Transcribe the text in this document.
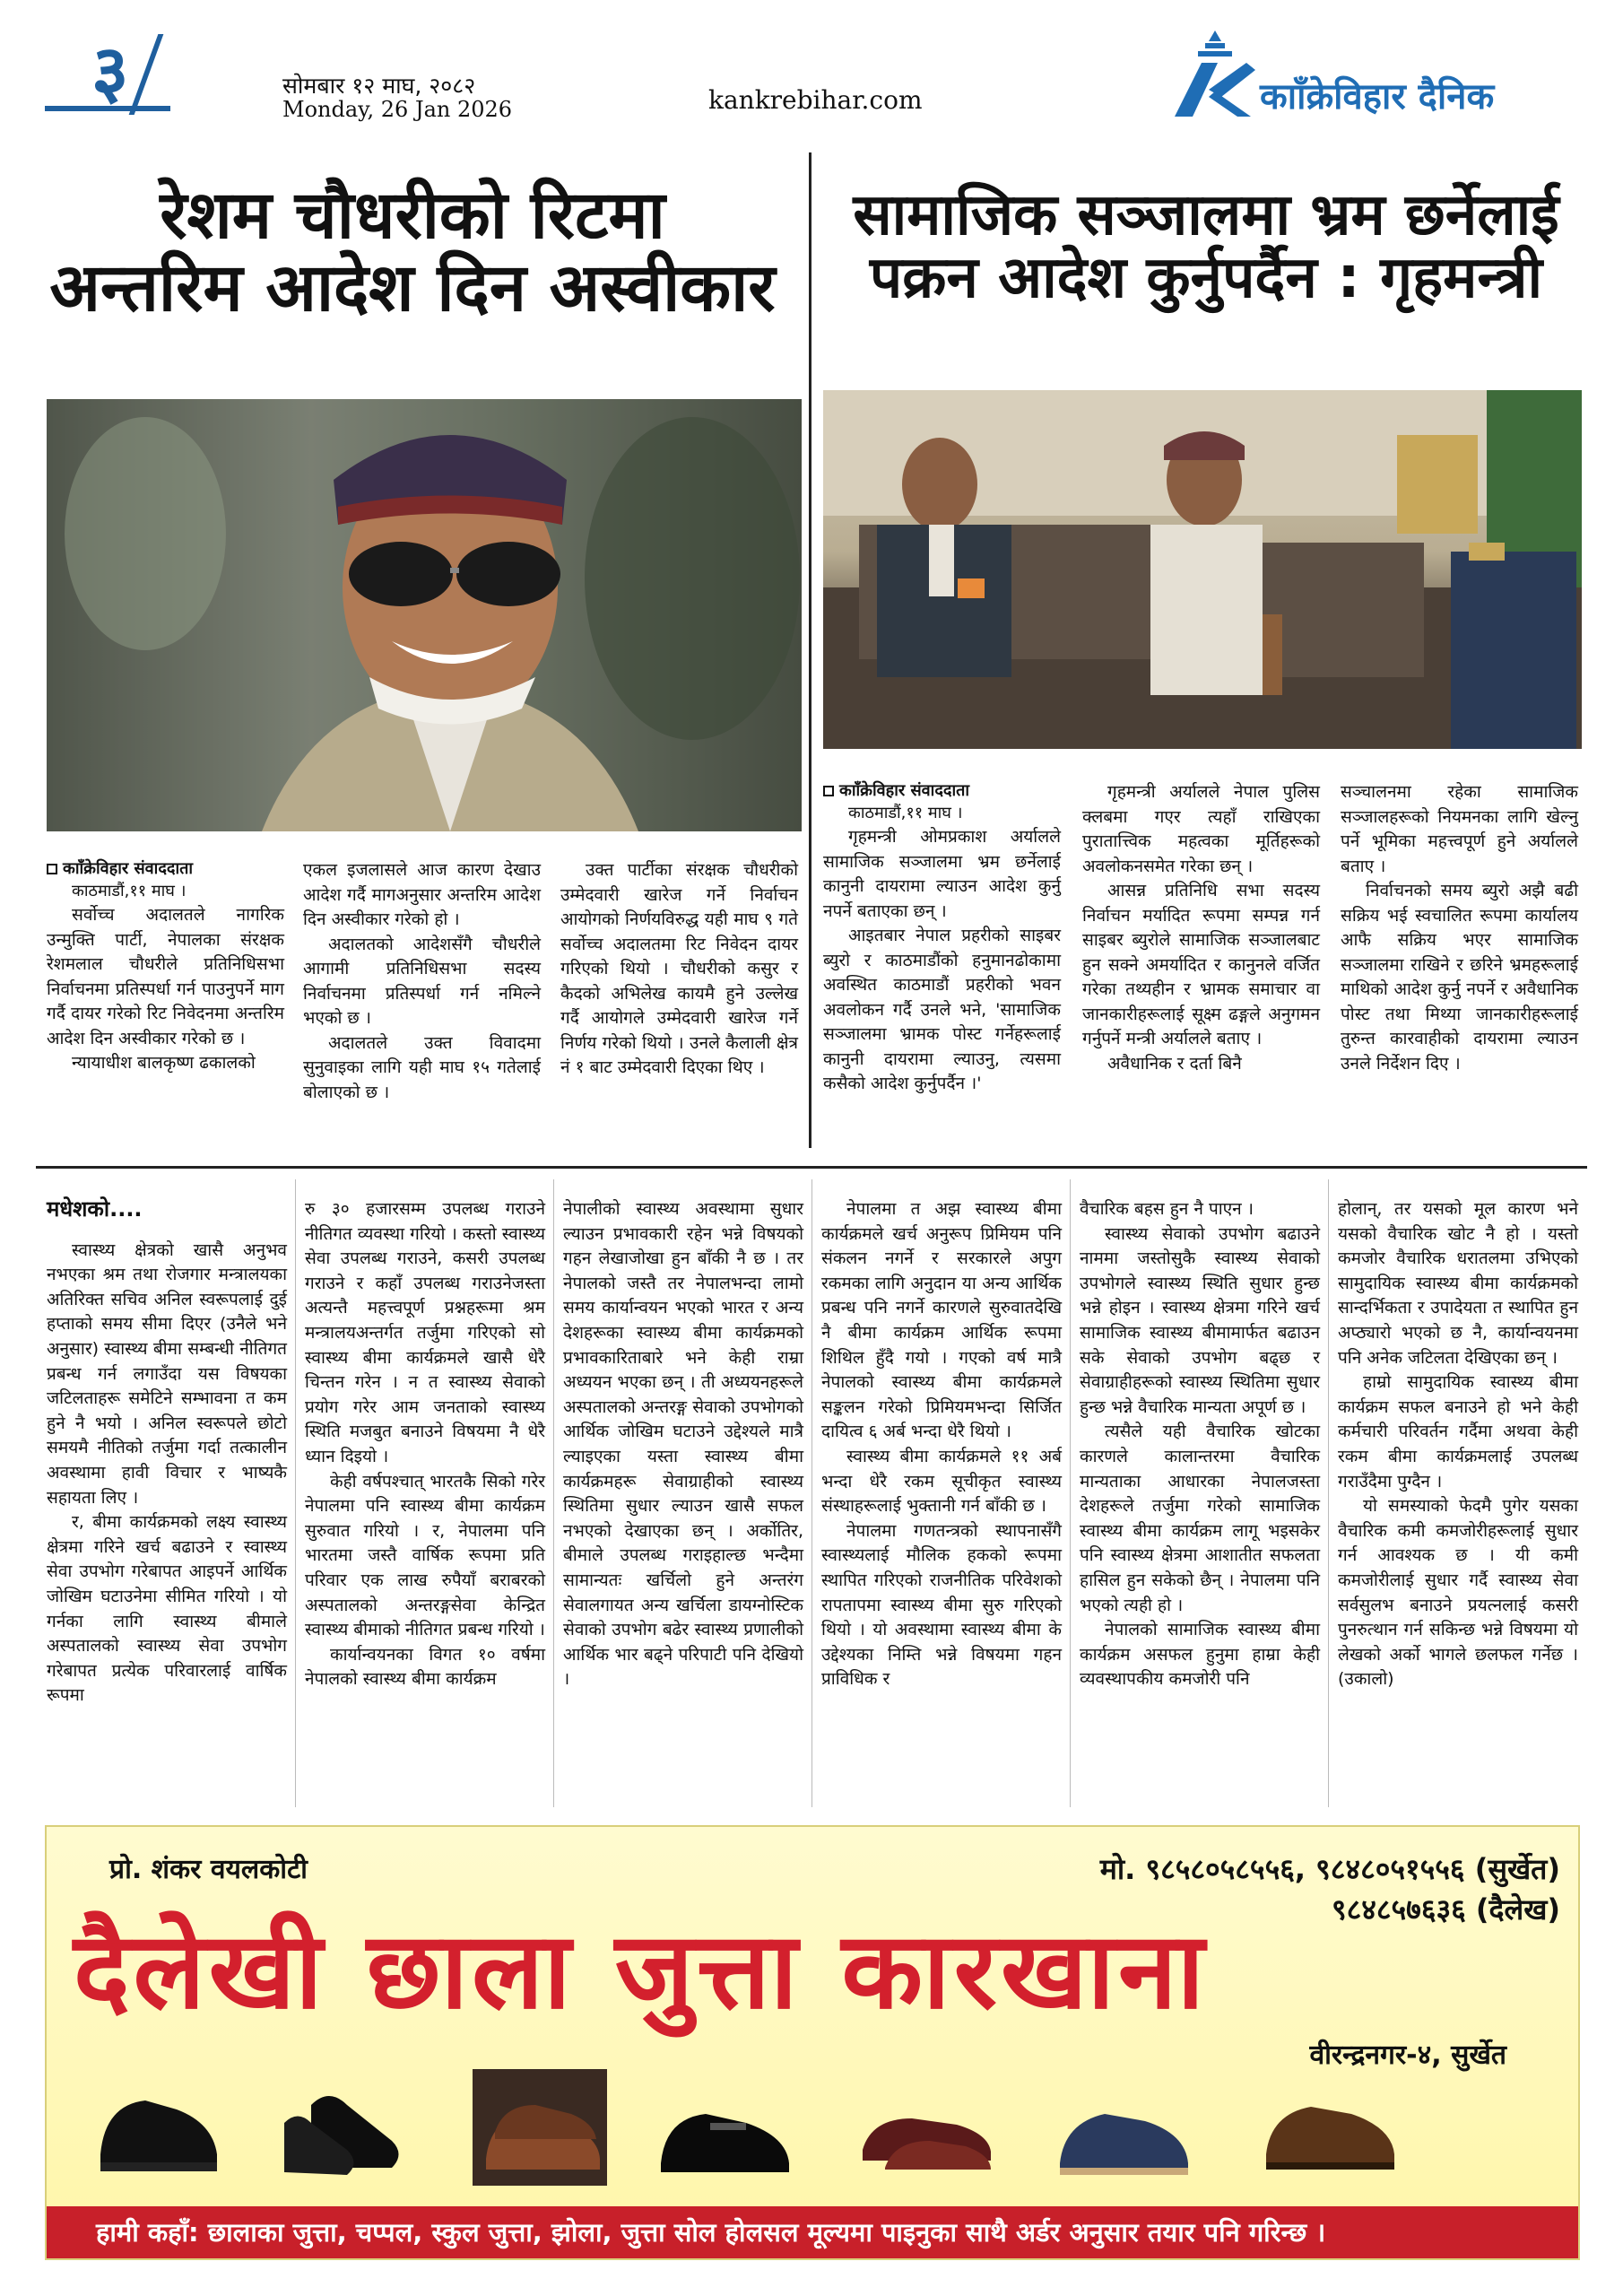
३	सोमबार १२ माघ, २०८२
Monday, 26 Jan 2026	kankrebihar.com	कााँक्रेविहार दैनिक
रेशम चौधरीको रिटमा
अन्तरिम आदेश दिन अस्वीकार
सामाजिक सञ्जालमा भ्रम छर्नेलाई
पक्रन आदेश कुर्नुपर्दैन : गृहमन्त्री
कााँक्रेविहार संवाददाता
काठमाडौं,११ माघ ।

सर्वोच्च अदालतले नागरिक उन्मुक्ति पार्टी, नेपालका संरक्षक रेशमलाल चौधरीले प्रतिनिधिसभा निर्वाचनमा प्रतिस्पर्धा गर्न पाउनुपर्ने माग गर्दै दायर गरेको रिट निवेदनमा अन्तरिम आदेश दिन अस्वीकार गरेको छ ।

न्यायाधीश बालकृष्ण ढकालको

एकल इजलासले आज कारण देखाउ आदेश गर्दै मागअनुसार अन्तरिम आदेश दिन अस्वीकार गरेको हो ।

अदालतको आदेशसँगै चौधरीले आगामी प्रतिनिधिसभा सदस्य निर्वाचनमा प्रतिस्पर्धा गर्न नमिल्ने भएको छ ।

अदालतले उक्त विवादमा सुनुवाइका लागि यही माघ १५ गतेलाई बोलाएको छ ।

उक्त पार्टीका संरक्षक चौधरीको उम्मेदवारी खारेज गर्ने निर्वाचन आयोगको निर्णयविरुद्ध यही माघ ९ गते सर्वोच्च अदालतमा रिट निवेदन दायर गरिएको थियो । चौधरीको कसुर र कैदको अभिलेख कायमै हुने उल्लेख गर्दै आयोगले उम्मेदवारी खारेज गर्ने निर्णय गरेको थियो । उनले कैलाली क्षेत्र नं १ बाट उम्मेदवारी दिएका थिए ।

कााँक्रेविहार संवाददाता
काठमाडौं,११ माघ ।

गृहमन्त्री ओमप्रकाश अर्यालले सामाजिक सञ्जालमा भ्रम छर्नेलाई कानुनी दायरामा ल्याउन आदेश कुर्नु नपर्ने बताएका छन् ।

आइतबार नेपाल प्रहरीको साइबर ब्युरो र काठमाडौंको हनुमानढोकामा अवस्थित काठमाडौं प्रहरीको भवन अवलोकन गर्दै उनले भने, 'सामाजिक सञ्जालमा भ्रामक पोस्ट गर्नेहरूलाई कानुनी दायरामा ल्याउनु, त्यसमा कसैको आदेश कुर्नुपर्दैन ।'

गृहमन्त्री अर्यालले नेपाल पुलिस क्लबमा गएर त्यहाँ राखिएका पुरातात्त्विक महत्वका मूर्तिहरूको अवलोकनसमेत गरेका छन् ।

आसन्न प्रतिनिधि सभा सदस्य निर्वाचन मर्यादित रूपमा सम्पन्न गर्न साइबर ब्युरोले सामाजिक सञ्जालबाट हुन सक्ने अमर्यादित र कानुनले वर्जित गरेका तथ्यहीन र भ्रामक समाचार वा जानकारीहरूलाई सूक्ष्म ढङ्गले अनुगमन गर्नुपर्ने मन्त्री अर्यालले बताए ।

अवैधानिक र दर्ता बिनै

सञ्चालनमा रहेका सामाजिक सञ्जालहरूको नियमनका लागि खेल्नु पर्ने भूमिका महत्त्वपूर्ण हुने अर्यालले बताए ।

निर्वाचनको समय ब्युरो अझै बढी सक्रिय भई स्वचालित रूपमा कार्यालय आफै सक्रिय भएर सामाजिक सञ्जालमा राखिने र छरिने भ्रमहरूलाई माथिको आदेश कुर्नु नपर्ने र अवैधानिक पोस्ट तथा मिथ्या जानकारीहरूलाई तुरुन्त कारवाहीको दायरामा ल्याउन उनले निर्देशन दिए ।

मधेशको....

स्वास्थ्य क्षेत्रको खासै अनुभव नभएका श्रम तथा रोजगार मन्त्रालयका अतिरिक्त सचिव अनिल स्वरूपलाई दुई हप्ताको समय सीमा दिएर (उनैले भने अनुसार) स्वास्थ्य बीमा सम्बन्धी नीतिगत प्रबन्ध गर्न लगाउँदा यस विषयका जटिलताहरू समेटिने सम्भावना त कम हुने नै भयो । अनिल स्वरूपले छोटो समयमै नीतिको तर्जुमा गर्दा तत्कालीन अवस्थामा हावी विचार र भाष्यकै सहायता लिए ।

र, बीमा कार्यक्रमको लक्ष्य स्वास्थ्य क्षेत्रमा गरिने खर्च बढाउने र स्वास्थ्य सेवा उपभोग गरेबापत आइपर्ने आर्थिक जोखिम घटाउनेमा सीमित गरियो । यो गर्नका लागि स्वास्थ्य बीमाले अस्पतालको स्वास्थ्य सेवा उपभोग गरेबापत प्रत्येक परिवारलाई वार्षिक रूपमा

रु ३० हजारसम्म उपलब्ध गराउने नीतिगत व्यवस्था गरियो । कस्तो स्वास्थ्य सेवा उपलब्ध गराउने, कसरी उपलब्ध गराउने र कहाँ उपलब्ध गराउनेजस्ता अत्यन्तै महत्त्वपूर्ण प्रश्नहरूमा श्रम मन्त्रालयअन्तर्गत तर्जुमा गरिएको सो स्वास्थ्य बीमा कार्यक्रमले खासै धेरै चिन्तन गरेन । न त स्वास्थ्य सेवाको प्रयोग गरेर आम जनताको स्वास्थ्य स्थिति मजबुत बनाउने विषयमा नै धेरै ध्यान दिइयो ।

केही वर्षपश्चात् भारतकै सिको गरेर नेपालमा पनि स्वास्थ्य बीमा कार्यक्रम सुरुवात गरियो । र, नेपालमा पनि भारतमा जस्तै वार्षिक रूपमा प्रति परिवार एक लाख रुपैयाँ बराबरको अस्पतालको अन्तरङ्गसेवा केन्द्रित स्वास्थ्य बीमाको नीतिगत प्रबन्ध गरियो ।

कार्यान्वयनका विगत १० वर्षमा नेपालको स्वास्थ्य बीमा कार्यक्रम

नेपालीको स्वास्थ्य अवस्थामा सुधार ल्याउन प्रभावकारी रहेन भन्ने विषयको गहन लेखाजोखा हुन बाँकी नै छ । तर नेपालको जस्तै तर नेपालभन्दा लामो समय कार्यान्वयन भएको भारत र अन्य देशहरूका स्वास्थ्य बीमा कार्यक्रमको प्रभावकारिताबारे भने केही राम्रा अध्ययन भएका छन् । ती अध्ययनहरूले अस्पतालको अन्तरङ्ग सेवाको उपभोगको आर्थिक जोखिम घटाउने उद्देश्यले मात्रै ल्याइएका यस्ता स्वास्थ्य बीमा कार्यक्रमहरू सेवाग्राहीको स्वास्थ्य स्थितिमा सुधार ल्याउन खासै सफल नभएको देखाएका छन् । अर्कोतिर, बीमाले उपलब्ध गराइहाल्छ भन्दैमा सामान्यतः खर्चिलो हुने अन्तरंग सेवालगायत अन्य खर्चिला डायग्नोस्टिक सेवाको उपभोग बढेर स्वास्थ्य प्रणालीको आर्थिक भार बढ्ने परिपाटी पनि देखियो ।

नेपालमा त अझ स्वास्थ्य बीमा कार्यक्रमले खर्च अनुरूप प्रिमियम पनि संकलन नगर्ने र सरकारले अपुग रकमका लागि अनुदान या अन्य आर्थिक प्रबन्ध पनि नगर्ने कारणले सुरुवातदेखि नै बीमा कार्यक्रम आर्थिक रूपमा शिथिल हुँदै गयो । गएको वर्ष मात्रै नेपालको स्वास्थ्य बीमा कार्यक्रमले सङ्कलन गरेको प्रिमियमभन्दा सिर्जित दायित्व ६ अर्ब भन्दा धेरै थियो ।

स्वास्थ्य बीमा कार्यक्रमले ११ अर्ब भन्दा धेरै रकम सूचीकृत स्वास्थ्य संस्थाहरूलाई भुक्तानी गर्न बाँकी छ ।

नेपालमा गणतन्त्रको स्थापनासँगै स्वास्थ्यलाई मौलिक हकको रूपमा स्थापित गरिएको राजनीतिक परिवेशको रापतापमा स्वास्थ्य बीमा सुरु गरिएको थियो । यो अवस्थामा स्वास्थ्य बीमा के उद्देश्यका निम्ति भन्ने विषयमा गहन प्राविधिक र

वैचारिक बहस हुन नै पाएन ।

स्वास्थ्य सेवाको उपभोग बढाउने नाममा जस्तोसुकै स्वास्थ्य सेवाको उपभोगले स्वास्थ्य स्थिति सुधार हुन्छ भन्ने होइन । स्वास्थ्य क्षेत्रमा गरिने खर्च सामाजिक स्वास्थ्य बीमामार्फत बढाउन सके सेवाको उपभोग बढ्छ र सेवाग्राहीहरूको स्वास्थ्य स्थितिमा सुधार हुन्छ भन्ने वैचारिक मान्यता अपूर्ण छ ।

त्यसैले यही वैचारिक खोटका कारणले कालान्तरमा वैचारिक मान्यताका आधारका नेपालजस्ता देशहरूले तर्जुमा गरेको सामाजिक स्वास्थ्य बीमा कार्यक्रम लागू भइसकेर पनि स्वास्थ्य क्षेत्रमा आशातीत सफलता हासिल हुन सकेको छैन् । नेपालमा पनि भएको त्यही हो ।

नेपालको सामाजिक स्वास्थ्य बीमा कार्यक्रम असफल हुनुमा हाम्रा केही व्यवस्थापकीय कमजोरी पनि

होलान्, तर यसको मूल कारण भने यसको वैचारिक खोट नै हो । यस्तो कमजोर वैचारिक धरातलमा उभिएको सामुदायिक स्वास्थ्य बीमा कार्यक्रमको सान्दर्भिकता र उपादेयता त स्थापित हुन अप्ठ्यारो भएको छ नै, कार्यान्वयनमा पनि अनेक जटिलता देखिएका छन् ।

हाम्रो सामुदायिक स्वास्थ्य बीमा कार्यक्रम सफल बनाउने हो भने केही कर्मचारी परिवर्तन गर्दैमा अथवा केही रकम बीमा कार्यक्रमलाई उपलब्ध गराउँदैमा पुग्दैन ।

यो समस्याको फेदमै पुगेर यसका वैचारिक कमी कमजोरीहरूलाई सुधार गर्न आवश्यक छ । यी कमी कमजोरीलाई सुधार गर्दै स्वास्थ्य सेवा सर्वसुलभ बनाउने प्रयत्नलाई कसरी पुनरुत्थान गर्न सकिन्छ भन्ने विषयमा यो लेखको अर्को भागले छलफल गर्नेछ । (उकालो)

प्रो. शंकर वयलकोटी	मो. ९८५८०५८५५६, ९८४८०५१५५६ (सुर्खेत)
९८४८५७६३६ (दैलेख)
दैलेखी छाला जुत्ता कारखाना
वीरन्द्रनगर-४, सुर्खेत
हामी कहाँ: छालाका जुत्ता, चप्पल, स्कुल जुत्ता, झोला, जुत्ता सोल होलसल मूल्यमा पाइनुका साथै अर्डर अनुसार तयार पनि गरिन्छ ।
